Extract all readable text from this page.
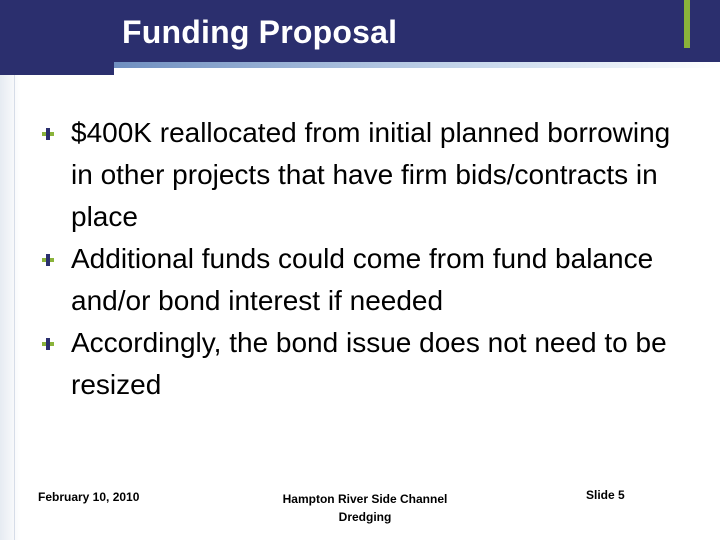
Funding Proposal
$400K reallocated from initial planned borrowing in other projects that have firm bids/contracts in place
Additional funds could come from fund balance and/or bond interest if needed
Accordingly, the bond issue does not need to be resized
February 10, 2010	Hampton River Side Channel
Dredging
Slide 5
